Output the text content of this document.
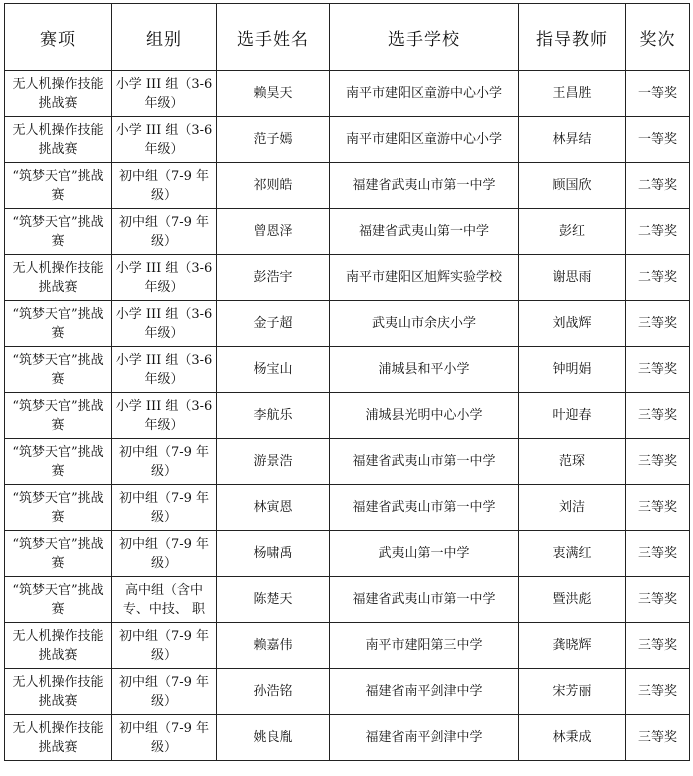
赛项	组别	选手姓名	选手学校	指导教师	奖次
无人机操作技能挑战赛	小学 III 组（3-6 年级）	赖昊天	南平市建阳区童游中心小学	王昌胜	一等奖
无人机操作技能挑战赛	小学 III 组（3-6 年级）	范子嫣	南平市建阳区童游中心小学	林昇结	一等奖
“筑梦天官”挑战赛	初中组（7-9 年级）	祁则皓	福建省武夷山市第一中学	顾国欣	二等奖
“筑梦天官”挑战赛	初中组（7-9 年级）	曾恩泽	福建省武夷山第一中学	彭红	二等奖
无人机操作技能挑战赛	小学 III 组（3-6 年级）	彭浩宇	南平市建阳区旭辉实验学校	谢思雨	二等奖
“筑梦天官”挑战赛	小学 III 组（3-6 年级）	金子超	武夷山市余庆小学	刘战辉	三等奖
“筑梦天官”挑战赛	小学 III 组（3-6 年级）	杨宝山	浦城县和平小学	钟明娟	三等奖
“筑梦天官”挑战赛	小学 III 组（3-6 年级）	李航乐	浦城县光明中心小学	叶迎春	三等奖
“筑梦天官”挑战赛	初中组（7-9 年级）	游景浩	福建省武夷山市第一中学	范琛	三等奖
“筑梦天官”挑战赛	初中组（7-9 年级）	林寅恩	福建省武夷山市第一中学	刘洁	三等奖
“筑梦天官”挑战赛	初中组（7-9 年级）	杨啸禹	武夷山第一中学	衷满红	三等奖
“筑梦天官”挑战赛	高中组（含中专、中技、 职	陈楚天	福建省武夷山市第一中学	暨洪彪	三等奖
无人机操作技能挑战赛	初中组（7-9 年级）	赖嘉伟	南平市建阳第三中学	龚晓辉	三等奖
无人机操作技能挑战赛	初中组（7-9 年级）	孙浩铭	福建省南平剑津中学	宋芳丽	三等奖
无人机操作技能挑战赛	初中组（7-9 年级）	姚良胤	福建省南平剑津中学	林秉成	三等奖
